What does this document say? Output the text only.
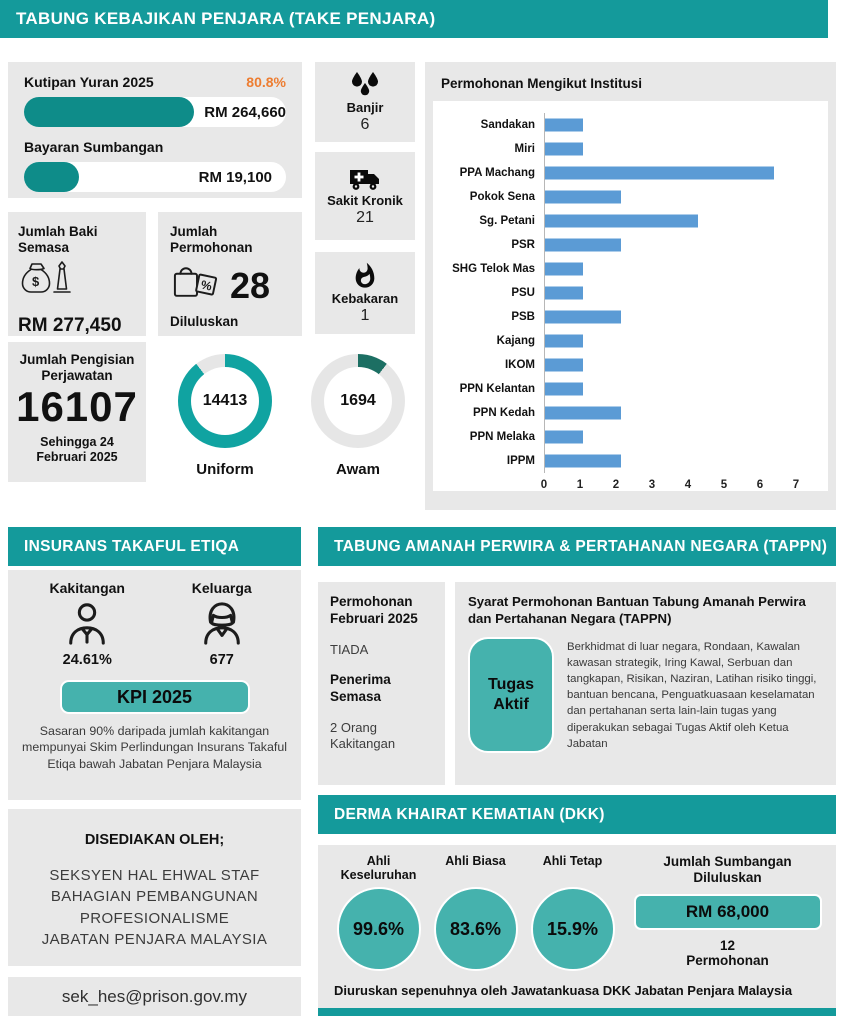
TABUNG KEBAJIKAN PENJARA (TAKE PENJARA)
Kutipan Yuran 2025	80.8%
RM 264,660
Bayaran Sumbangan
RM 19,100
Jumlah Baki Semasa
$
RM 277,450
Jumlah Permohonan
% 28
Diluluskan
Jumlah Pengisian Perjawatan
16107
Sehingga 24 Februari 2025
14413
Uniform
1694
Awam
Banjir
6
Sakit Kronik
21
Kebakaran
1
Permohonan Mengikut Institusi
Sandakan
Miri
PPA Machang
Pokok Sena
Sg. Petani
PSR
SHG Telok Mas
PSU
PSB
Kajang
IKOM
PPN Kelantan
PPN Kedah
PPN Melaka
IPPM
0	1	2	3	4	5	6	7
INSURANS TAKAFUL ETIQA
Kakitangan
24.61%
Keluarga
677
KPI 2025
Sasaran 90% daripada jumlah kakitangan mempunyai Skim Perlindungan Insurans Takaful Etiqa bawah Jabatan Penjara Malaysia
TABUNG AMANAH PERWIRA & PERTAHANAN NEGARA (TAPPN)
Permohonan Februari 2025
TIADA
Penerima Semasa
2 Orang Kakitangan
Syarat Permohonan Bantuan Tabung Amanah Perwira dan Pertahanan Negara (TAPPN)
Tugas Aktif
Berkhidmat di luar negara, Rondaan, Kawalan kawasan strategik, Iring Kawal, Serbuan dan tangkapan, Risikan, Naziran, Latihan risiko tinggi, bantuan bencana, Penguatkuasaan keselamatan dan pertahanan serta lain-lain tugas yang diperakukan sebagai Tugas Aktif oleh Ketua Jabatan
DERMA KHAIRAT KEMATIAN (DKK)
Ahli Keseluruhan
99.6%
Ahli Biasa
83.6%
Ahli Tetap
15.9%
Jumlah Sumbangan Diluluskan
RM 68,000
12
Permohonan
Diuruskan sepenuhnya oleh Jawatankuasa DKK Jabatan Penjara Malaysia
DISEDIAKAN OLEH;
SEKSYEN HAL EHWAL STAF
BAHAGIAN PEMBANGUNAN
PROFESIONALISME
JABATAN PENJARA MALAYSIA
sek_hes@prison.gov.my
